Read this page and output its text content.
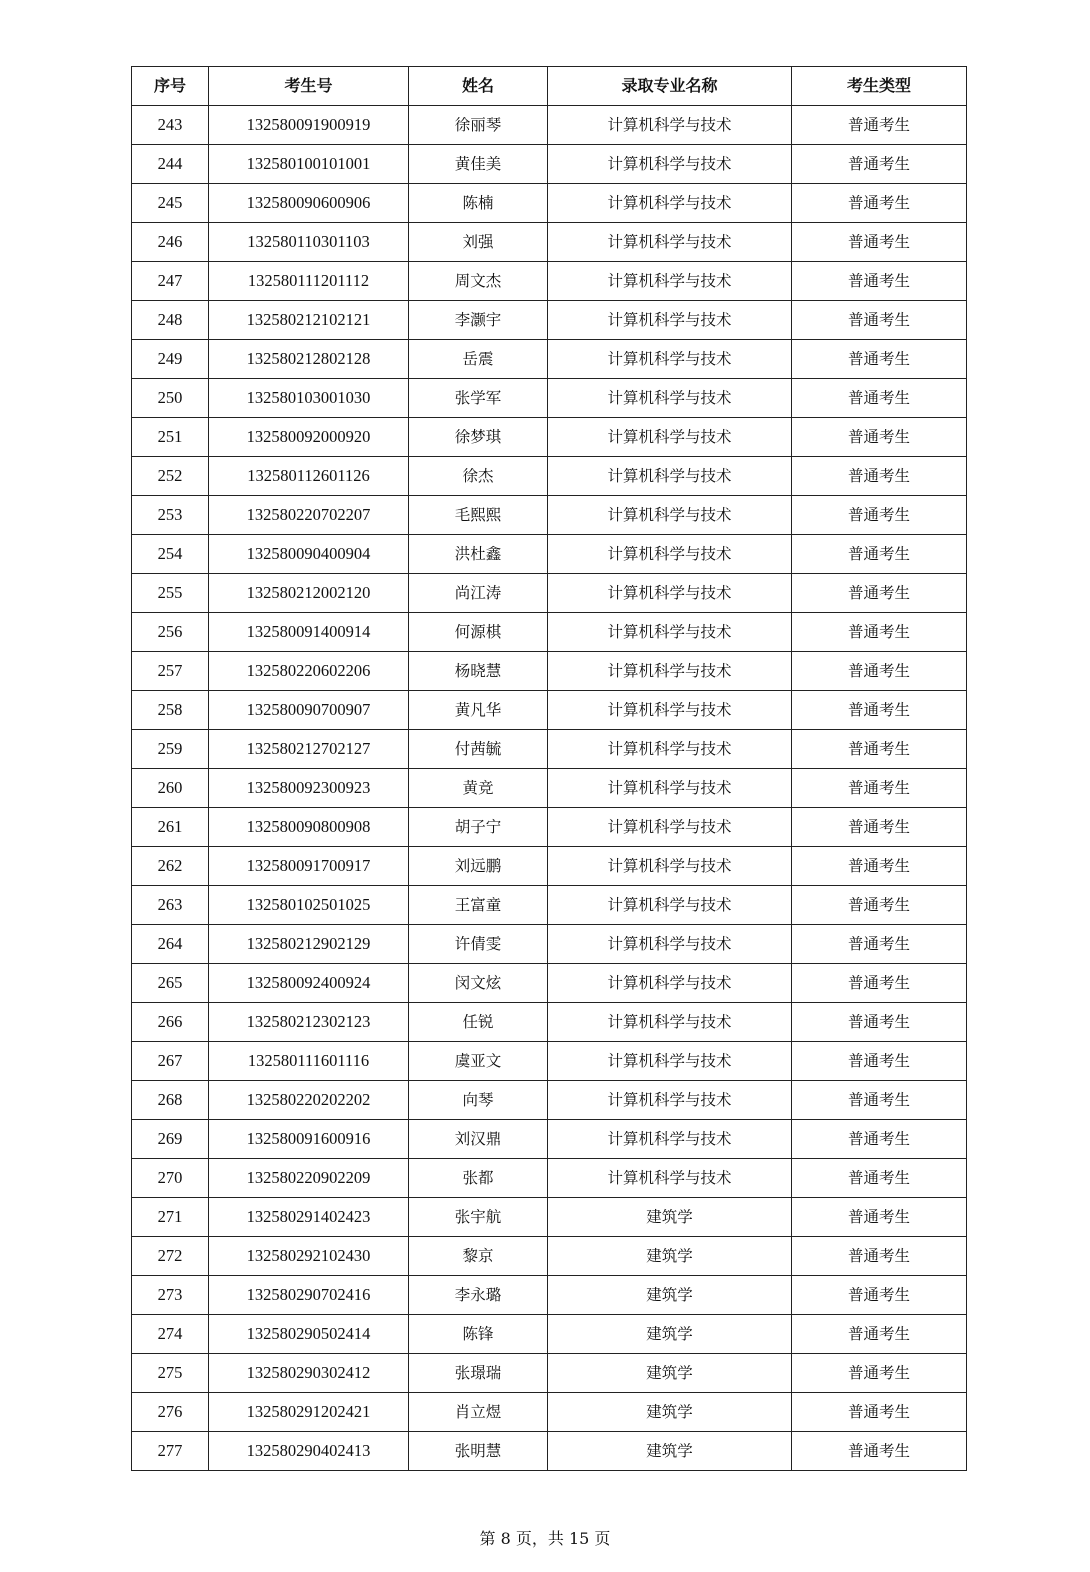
序号	考生号	姓名	录取专业名称	考生类型
243	132580091900919	徐丽琴	计算机科学与技术	普通考生
244	132580100101001	黄佳美	计算机科学与技术	普通考生
245	132580090600906	陈楠	计算机科学与技术	普通考生
246	132580110301103	刘强	计算机科学与技术	普通考生
247	132580111201112	周文杰	计算机科学与技术	普通考生
248	132580212102121	李灏宇	计算机科学与技术	普通考生
249	132580212802128	岳震	计算机科学与技术	普通考生
250	132580103001030	张学军	计算机科学与技术	普通考生
251	132580092000920	徐梦琪	计算机科学与技术	普通考生
252	132580112601126	徐杰	计算机科学与技术	普通考生
253	132580220702207	毛熙熙	计算机科学与技术	普通考生
254	132580090400904	洪杜鑫	计算机科学与技术	普通考生
255	132580212002120	尚江涛	计算机科学与技术	普通考生
256	132580091400914	何源棋	计算机科学与技术	普通考生
257	132580220602206	杨晓慧	计算机科学与技术	普通考生
258	132580090700907	黄凡华	计算机科学与技术	普通考生
259	132580212702127	付茜毓	计算机科学与技术	普通考生
260	132580092300923	黄竞	计算机科学与技术	普通考生
261	132580090800908	胡子宁	计算机科学与技术	普通考生
262	132580091700917	刘远鹏	计算机科学与技术	普通考生
263	132580102501025	王富童	计算机科学与技术	普通考生
264	132580212902129	许倩雯	计算机科学与技术	普通考生
265	132580092400924	闵文炫	计算机科学与技术	普通考生
266	132580212302123	任锐	计算机科学与技术	普通考生
267	132580111601116	虞亚文	计算机科学与技术	普通考生
268	132580220202202	向琴	计算机科学与技术	普通考生
269	132580091600916	刘汉鼎	计算机科学与技术	普通考生
270	132580220902209	张都	计算机科学与技术	普通考生
271	132580291402423	张宇航	建筑学	普通考生
272	132580292102430	黎京	建筑学	普通考生
273	132580290702416	李永璐	建筑学	普通考生
274	132580290502414	陈锋	建筑学	普通考生
275	132580290302412	张璟瑞	建筑学	普通考生
276	132580291202421	肖立煜	建筑学	普通考生
277	132580290402413	张明慧	建筑学	普通考生
第 8 页，共 15 页
